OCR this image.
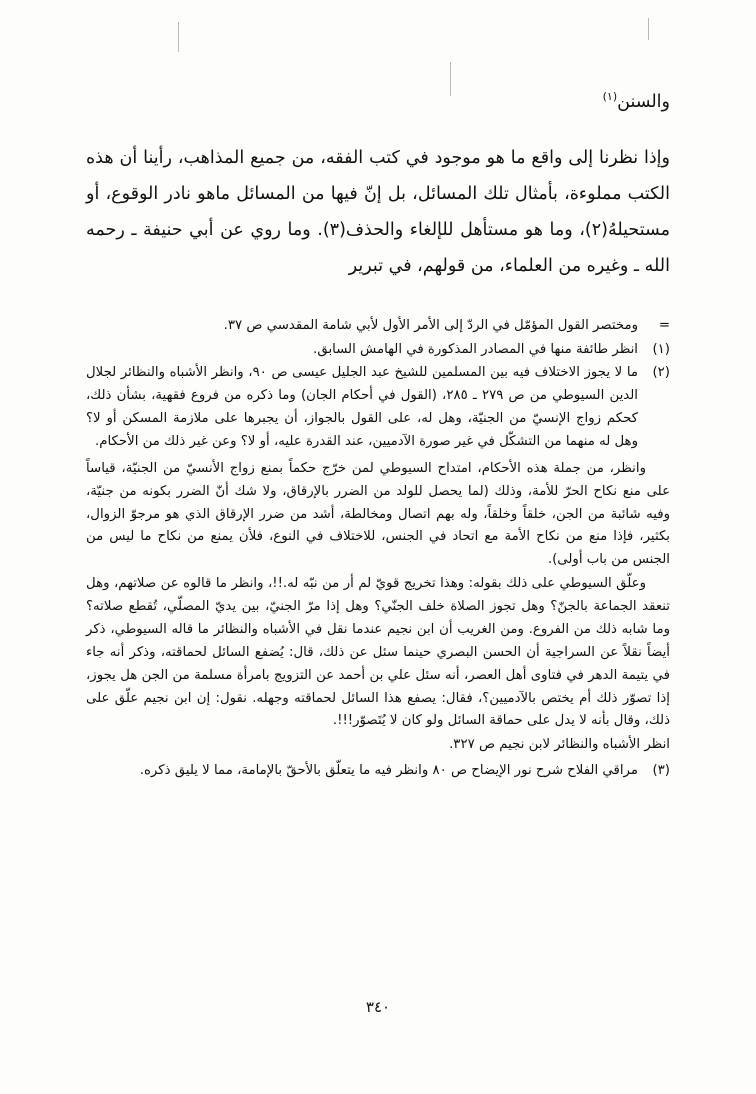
والسنن$^{(١)}$

وإذا نظرنا إلى واقع ما هو موجود في كتب الفقه، من جميع المذاهب، رأينا أن هذه الكتب مملوءة، بأمثال تلك المسائل، بل إنّ فيها من المسائل ماهو نادر الوقوع، أو مستحيلهُ(٢)، وما هو مستأهل للإلغاء والحذف(٣). وما روي عن أبي حنيفة ـ رحمه الله ـ وغيره من العلماء، من قولهم، في تبرير

=
ومختصر القول المؤمّل في الردّ إلى الأمر الأول لأبي شامة المقدسي ص ٣٧.
(١)
انظر طائفة منها في المصادر المذكورة في الهامش السابق.
(٢)
ما لا يجوز الاختلاف فيه بين المسلمين للشيخ عبد الجليل عيسى ص ٩٠، وانظر الأشباه والنظائر لجلال الدين السيوطي من ص ٢٧٩ ـ ٢٨٥، (القول في أحكام الجان) وما ذكره من فروع فقهية، بشأن ذلك، كحكم زواج الإنسيّ من الجنيّة، وهل له، على القول بالجواز، أن يجبرها على ملازمة المسكن أو لا؟ وهل له منهما من التشكّل في غير صورة الآدميين، عند القدرة عليه، أو لا؟ وعن غير ذلك من الأحكام.

وانظر، من جملة هذه الأحكام، امتداح السيوطي لمن خرّج حكماً بمنع زواج الأنسيّ من الجنيّة، قياساً على منع نكاح الحرّ للأمة، وذلك (لما يحصل للولد من الضرر بالإرقاق، ولا شك أنّ الضرر بكونه من جنيّة، وفيه شائبة من الجن، خلقاً وخلقاً، وله بهم اتصال ومخالطة، أشد من ضرر الإرقاق الذي هو مرجوّ الزوال، بكثير، فإذا منع من نكاح الأمة مع اتحاد في الجنس، للاختلاف في النوع، فلأن يمنع من نكاح ما ليس من الجنس من باب أولى).

وعلّق السيوطي على ذلك بقوله: وهذا تخريج قويّ لم أر من نبّه له.!!، وانظر ما قالوه عن صلاتهم، وهل تنعقد الجماعة بالجنّ؟ وهل تجوز الصلاة خلف الجنّي؟ وهل إذا مرّ الجنيّ، بين يديّ المصلّي، تُقطع صلاته؟ وما شابه ذلك من الفروع. ومن الغريب أن ابن نجيم عندما نقل في الأشباه والنظائر ما قاله السيوطي، ذكر أيضاً نقلاً عن السراجية أن الحسن البصري حينما سئل عن ذلك، قال: يُضفع السائل لحماقته، وذكر أنه جاء في يتيمة الدهر في فتاوى أهل العصر، أنه سئل علي بن أحمد عن التزويج بامرأة مسلمة من الجن هل يجوز، إذا تصوّر ذلك أم يختص بالآدميين؟، فقال: يصفع هذا السائل لحماقته وجهله. نقول: إن ابن نجيم علّق على ذلك، وقال بأنه لا يدل على حماقة السائل ولو كان لا يُتَصوّر!!!.

انظر الأشباه والنظائر لابن نجيم ص ٣٢٧.

(٣)
مراقي الفلاح شرح نور الإيضاح ص ٨٠ وانظر فيه ما يتعلّق بالأحقّ بالإمامة، مما لا يليق ذكره.
٣٤٠
